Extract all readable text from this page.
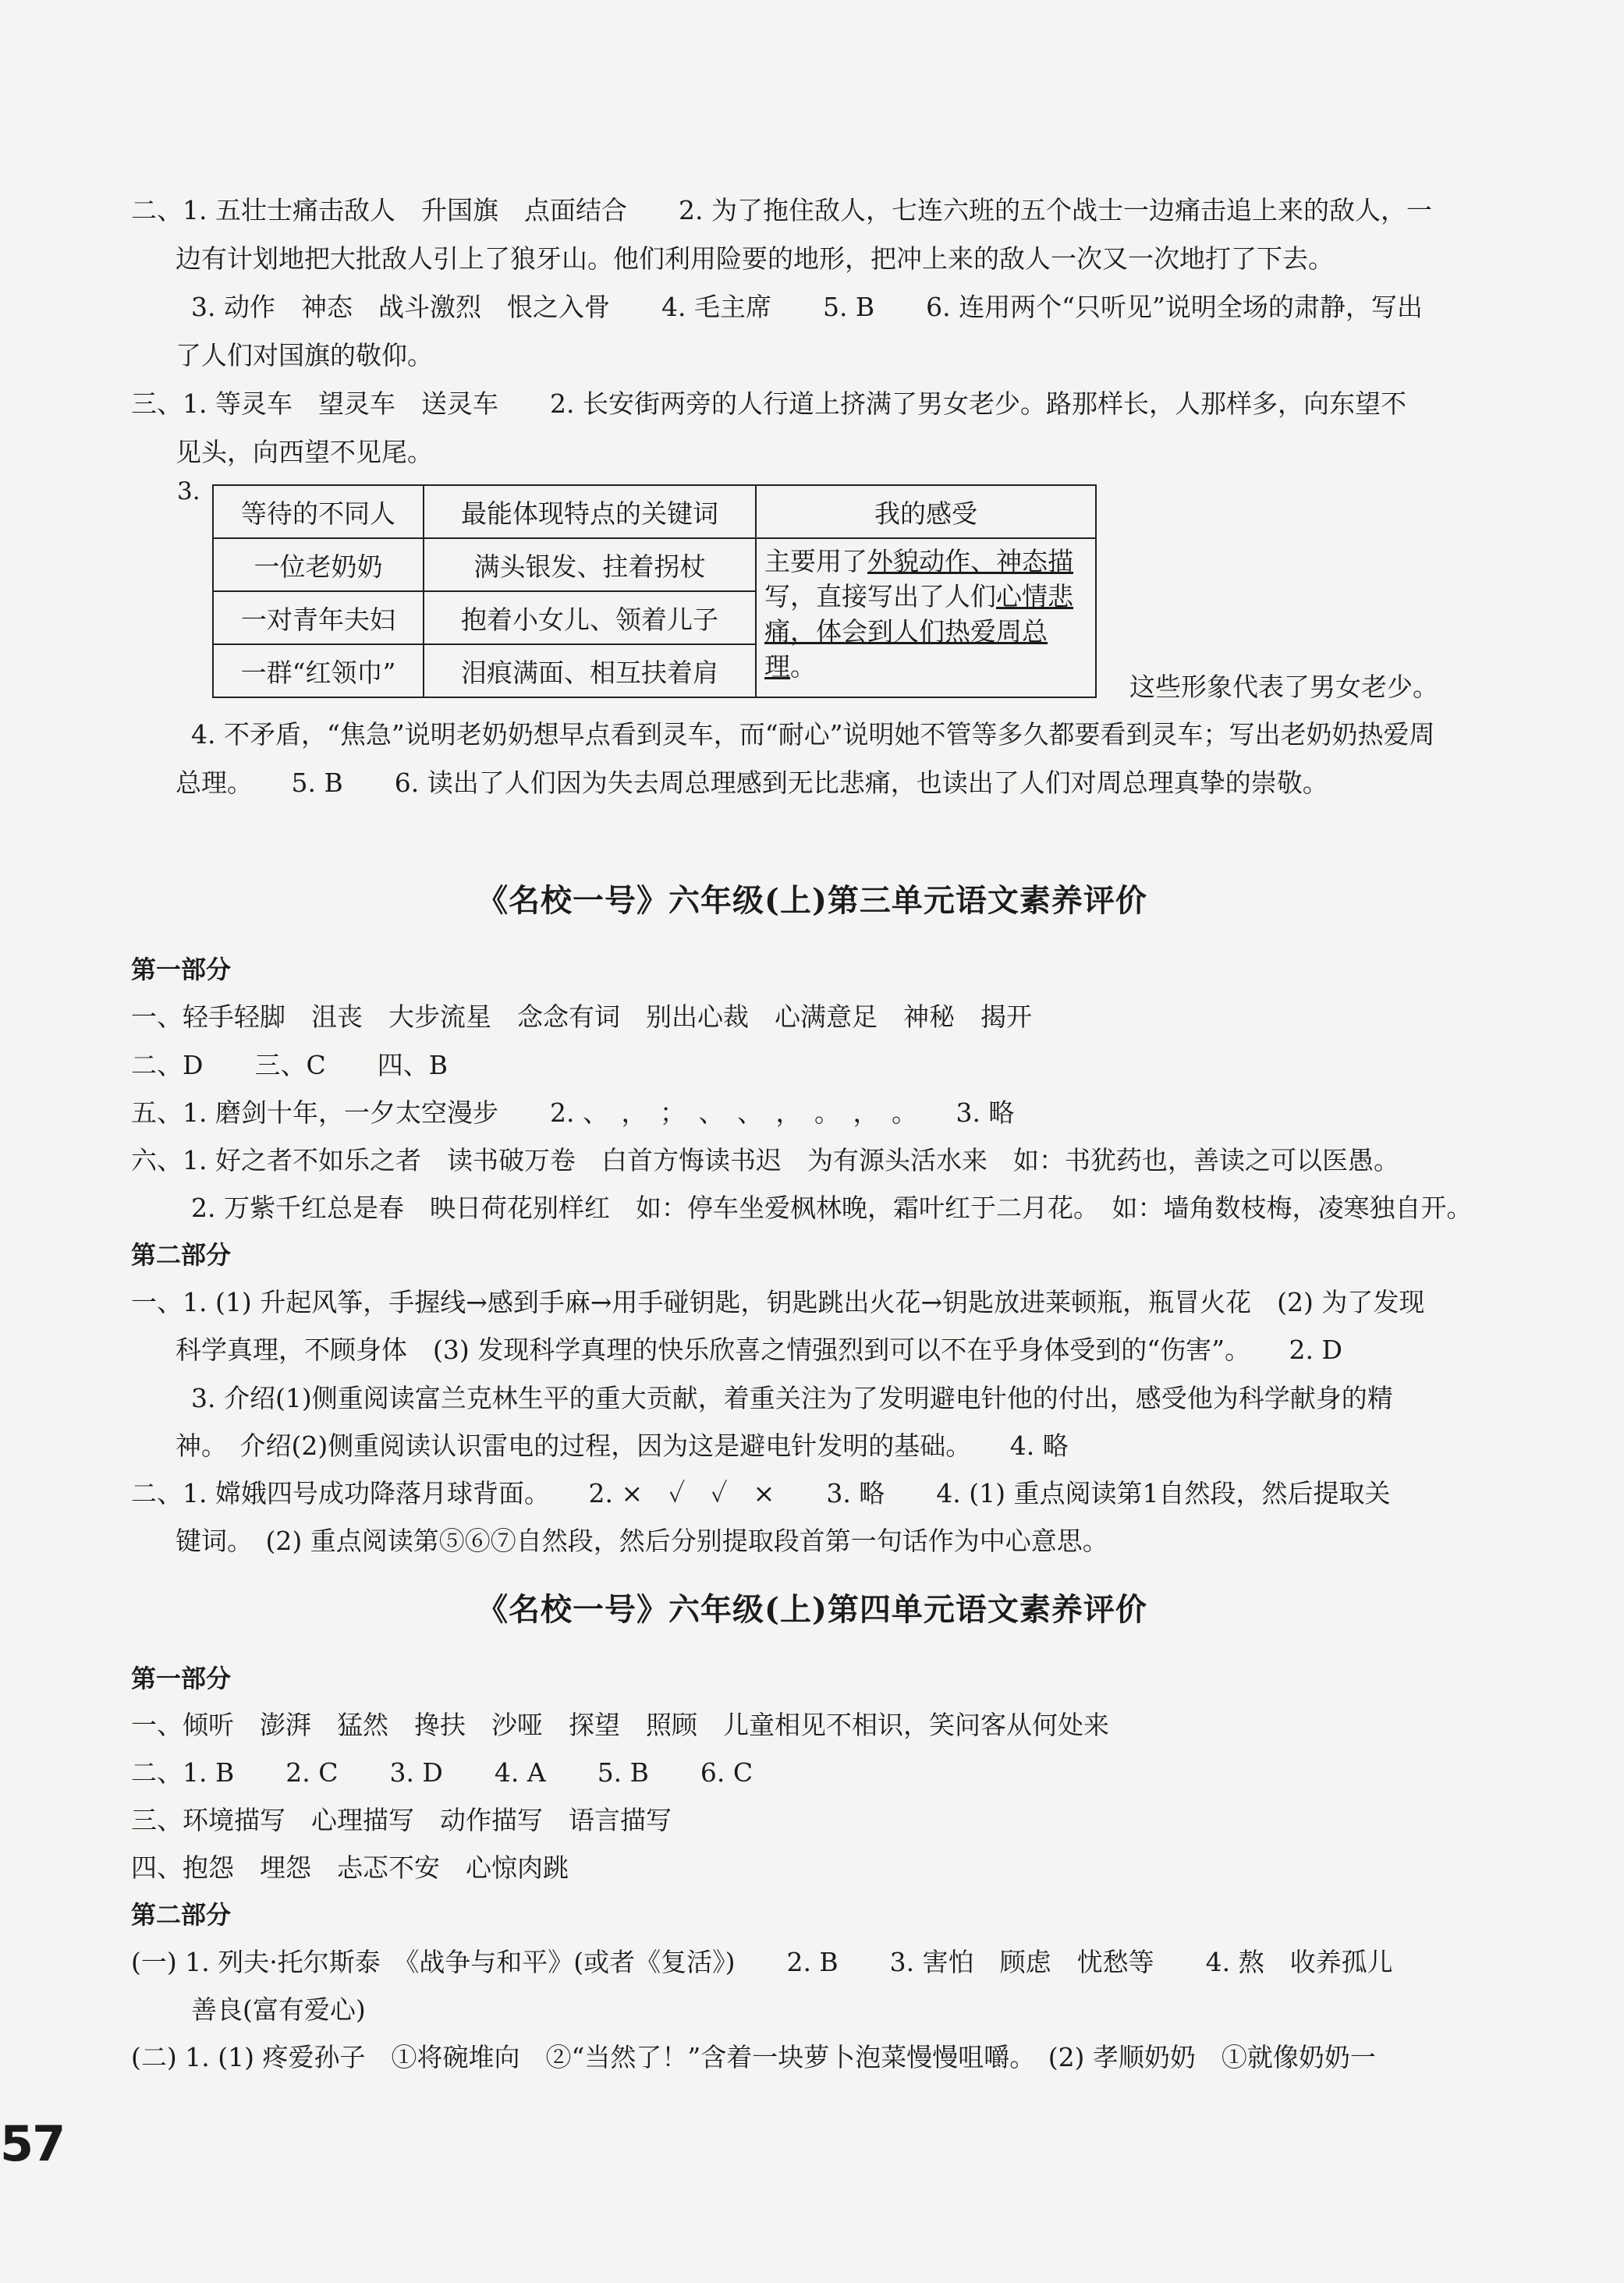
二、1. 五壮士痛击敌人　升国旗　点面结合　　2. 为了拖住敌人，七连六班的五个战士一边痛击追上来的敌人，一

边有计划地把大批敌人引上了狼牙山。他们利用险要的地形，把冲上来的敌人一次又一次地打了下去。

3. 动作　神态　战斗激烈　恨之入骨　　4. 毛主席　　5. B　　6. 连用两个“只听见”说明全场的肃静，写出

了人们对国旗的敬仰。

三、1. 等灵车　望灵车　送灵车　　2. 长安街两旁的人行道上挤满了男女老少。路那样长，人那样多，向东望不

见头，向西望不见尾。

3.
等待的不同人	最能体现特点的关键词	我的感受
一位老奶奶	满头银发、拄着拐杖	主要用了外貌动作、神态描写，直接写出了人们心情悲痛，体会到人们热爱周总理。
一对青年夫妇	抱着小女儿、领着儿子	
一群“红领巾”	泪痕满面、相互扶着肩		这些形象代表了男女老少。

4. 不矛盾，“焦急”说明老奶奶想早点看到灵车，而“耐心”说明她不管等多久都要看到灵车；写出老奶奶热爱周

总理。　　5. B　　6. 读出了人们因为失去周总理感到无比悲痛，也读出了人们对周总理真挚的崇敬。

《名校一号》六年级(上)第三单元语文素养评价
第一部分

一、轻手轻脚　沮丧　大步流星　念念有词　别出心裁　心满意足　神秘　揭开

二、D　　三、C　　四、B

五、1. 磨剑十年，一夕太空漫步　　2. 、　，　；　、　、　，　。　，　。　　3. 略

六、1. 好之者不如乐之者　读书破万卷　白首方悔读书迟　为有源头活水来　如：书犹药也，善读之可以医愚。

2. 万紫千红总是春　映日荷花别样红　如：停车坐爱枫林晚，霜叶红于二月花。　如：墙角数枝梅，凌寒独自开。

第二部分

一、1. (1) 升起风筝，手握线→感到手麻→用手碰钥匙，钥匙跳出火花→钥匙放进莱顿瓶，瓶冒火花　(2) 为了发现

科学真理，不顾身体　(3) 发现科学真理的快乐欣喜之情强烈到可以不在乎身体受到的“伤害”。　　2. D

3. 介绍(1)侧重阅读富兰克林生平的重大贡献，着重关注为了发明避电针他的付出，感受他为科学献身的精

神。　介绍(2)侧重阅读认识雷电的过程，因为这是避电针发明的基础。　　4. 略

二、1. 嫦娥四号成功降落月球背面。　　2. ×　✓　✓　×　　3. 略　　4. (1) 重点阅读第1自然段，然后提取关

键词。　(2) 重点阅读第⑤⑥⑦自然段，然后分别提取段首第一句话作为中心意思。

《名校一号》六年级(上)第四单元语文素养评价
第一部分

一、倾听　澎湃　猛然　搀扶　沙哑　探望　照顾　儿童相见不相识，笑问客从何处来

二、1. B　　2. C　　3. D　　4. A　　5. B　　6. C

三、环境描写　心理描写　动作描写　语言描写

四、抱怨　埋怨　忐忑不安　心惊肉跳

第二部分

(一) 1. 列夫·托尔斯泰　《战争与和平》(或者《复活》)　　2. B　　3. 害怕　顾虑　忧愁等　　4. 熬　收养孤儿

善良(富有爱心)

(二) 1. (1) 疼爱孙子　①将碗堆向　②“当然了！”含着一块萝卜泡菜慢慢咀嚼。　(2) 孝顺奶奶　①就像奶奶一

57
